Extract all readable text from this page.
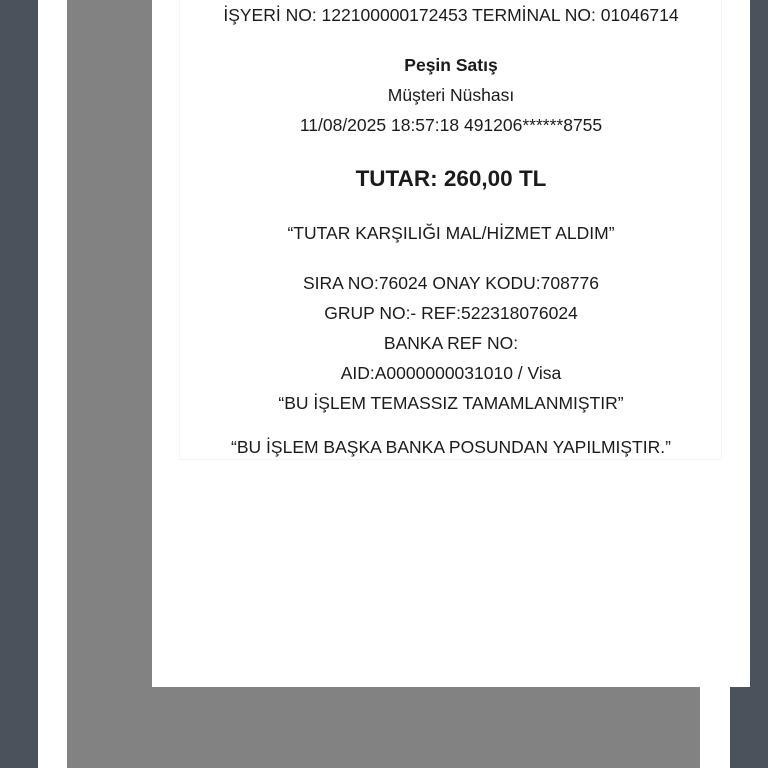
İŞYERİ NO: 122100000172453 TERMİNAL NO: 01046714
Peşin Satış
Müşteri Nüshası
11/08/2025 18:57:18 491206******8755
TUTAR: 260,00 TL
“TUTAR KARŞILIĞI MAL/HİZMET ALDIM”
SIRA NO:76024 ONAY KODU:708776
GRUP NO:- REF:522318076024
BANKA REF NO:
AID:A0000000031010 / Visa
“BU İŞLEM TEMASSIZ TAMAMLANMIŞTIR”
“BU İŞLEM BAŞKA BANKA POSUNDAN YAPILMIŞTIR.”
